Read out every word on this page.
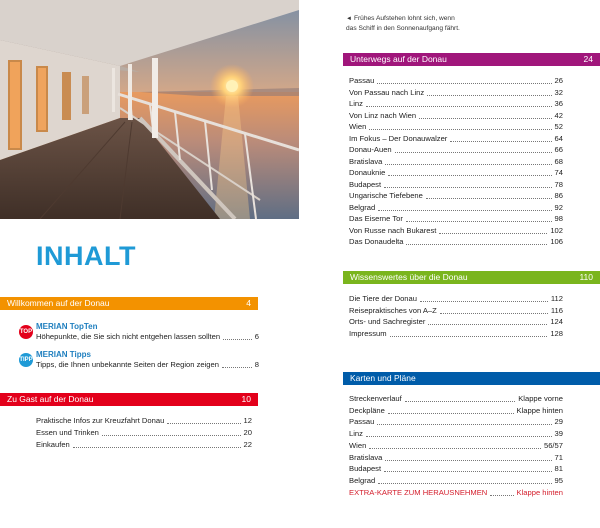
◄ Frühes Aufstehen lohnt sich, wenn
das Schiff in den Sonnenaufgang fährt.
INHALT
Willkommen auf der Donau	4
TOP
MERIAN TopTen
Höhepunkte, die Sie sich nicht entgehen lassen sollten	6
TIPP
MERIAN Tipps
Tipps, die Ihnen unbekannte Seiten der Region zeigen	8
Zu Gast auf der Donau	10
Praktische Infos zur Kreuzfahrt Donau	12
Essen und Trinken	20
Einkaufen	22
Unterwegs auf der Donau	24
Passau	26
Von Passau nach Linz	32
Linz	36
Von Linz nach Wien	42
Wien	52
Im Fokus – Der Donauwalzer	64
Donau-Auen	66
Bratislava	68
Donauknie	74
Budapest	78
Ungarische Tiefebene	86
Belgrad	92
Das Eiserne Tor	98
Von Russe nach Bukarest	102
Das Donaudelta	106
Wissenswertes über die Donau	110
Die Tiere der Donau	112
Reisepraktisches von A–Z	116
Orts- und Sachregister	124
Impressum	128
Karten und Pläne
Streckenverlauf	Klappe vorne
Deckpläne	Klappe hinten
Passau	29
Linz	39
Wien	56/57
Bratislava	71
Budapest	81
Belgrad	95
EXTRA-KARTE ZUM HERAUSNEHMEN	Klappe hinten
